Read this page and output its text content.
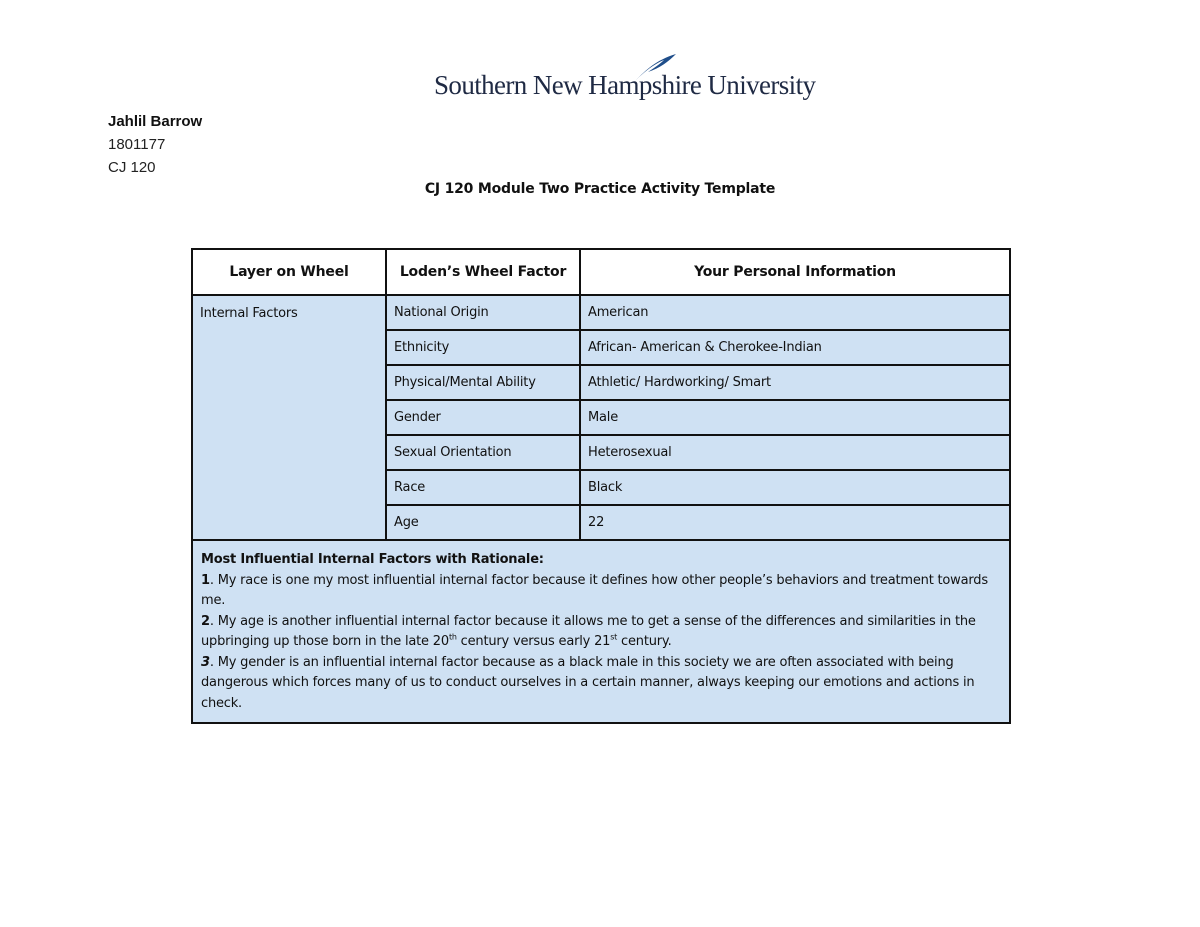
Southern New Hampshire University
Jahlil Barrow
1801177
CJ 120
CJ 120 Module Two Practice Activity Template
Layer on Wheel	Loden’s Wheel Factor	Your Personal Information
Internal Factors	National Origin	American
	Ethnicity	African- American & Cherokee-Indian
	Physical/Mental Ability	Athletic/ Hardworking/ Smart
	Gender	Male
	Sexual Orientation	Heterosexual
	Race	Black
	Age	22

Most Influential Internal Factors with Rationale:
1. My race is one my most influential internal factor because it defines how other people’s behaviors and treatment towards me.
2. My age is another influential internal factor because it allows me to get a sense of the differences and similarities in the upbringing up those born in the late 20th century versus early 21st century.
3. My gender is an influential internal factor because as a black male in this society we are often associated with being dangerous which forces many of us to conduct ourselves in a certain manner, always keeping our emotions and actions in check.		
